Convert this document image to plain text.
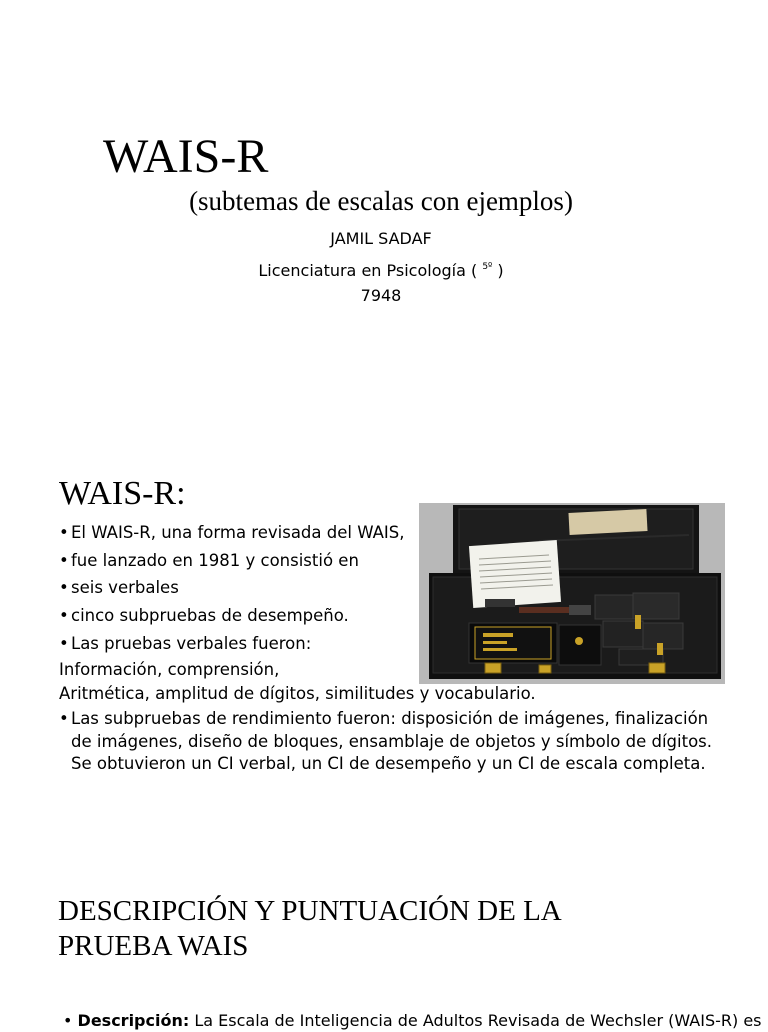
WAIS-R
(subtemas de escalas con ejemplos)
JAMIL SADAF
Licenciatura en Psicología ( $^{5º}$ )
7948
WAIS-R:
• El WAIS-R, una forma revisada del WAIS,
• fue lanzado en 1981 y consistió en
• seis verbales
• cinco subpruebas de desempeño.
• Las pruebas verbales fueron:
Información, comprensión,
Aritmética, amplitud de dígitos, similitudes y vocabulario.
• Las subpruebas de rendimiento fueron: disposición de imágenes, finalización de imágenes, diseño de bloques, ensamblaje de objetos y símbolo de dígitos. Se obtuvieron un CI verbal, un CI de desempeño y un CI de escala completa.
DESCRIPCIÓN Y PUNTUACIÓN DE LA PRUEBA WAIS
• Descripción: La Escala de Inteligencia de Adultos Revisada de Wechsler (WAIS-R) es
